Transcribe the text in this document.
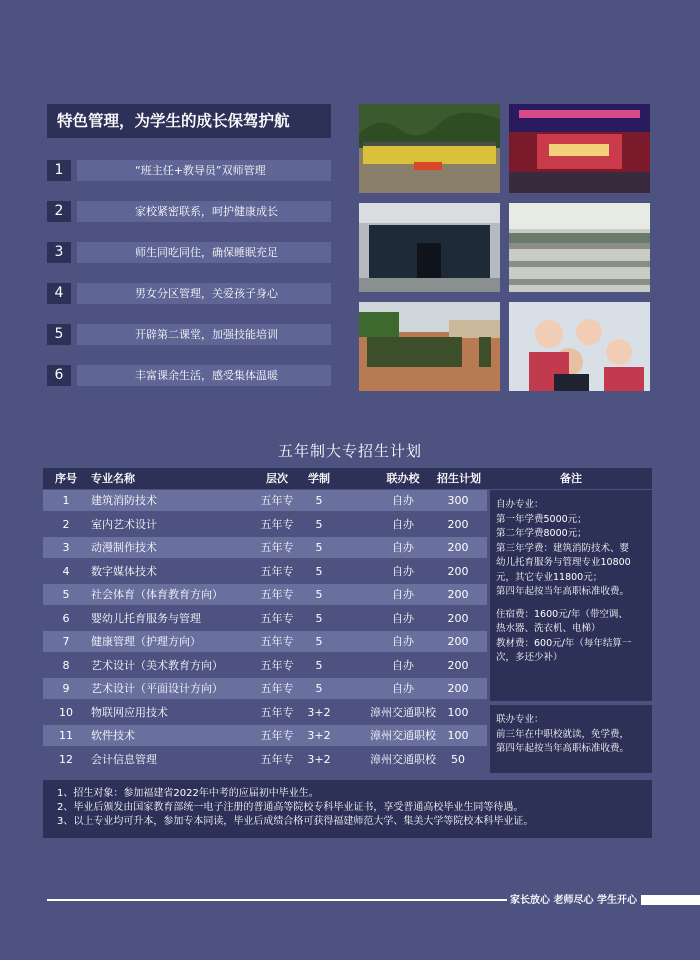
特色管理，为学生的成长保驾护航
1	“班主任+教导员”双师管理
2	家校紧密联系，呵护健康成长
3	师生同吃同住，确保睡眠充足
4	男女分区管理，关爱孩子身心
5	开辟第二课堂，加强技能培训
6	丰富课余生活，感受集体温暖
五年制大专招生计划
序号	专业名称	层次	学制	联办校	招生计划	备注
1	建筑消防技术	五年专	5	自办	300
2	室内艺术设计	五年专	5	自办	200
3	动漫制作技术	五年专	5	自办	200
4	数字媒体技术	五年专	5	自办	200
5	社会体育（体育教育方向）	五年专	5	自办	200
6	婴幼儿托育服务与管理	五年专	5	自办	200
7	健康管理（护理方向）	五年专	5	自办	200
8	艺术设计（美术教育方向）	五年专	5	自办	200
9	艺术设计（平面设计方向）	五年专	5	自办	200
10	物联网应用技术	五年专	3+2	漳州交通职校	100
11	软件技术	五年专	3+2	漳州交通职校	100
12	会计信息管理	五年专	3+2	漳州交通职校	50

自办专业：

第一年学费5000元；

第二年学费8000元；

第三年学费：建筑消防技术、婴

幼儿托育服务与管理专业10800

元，其它专业11800元；

第四年起按当年高职标准收费。

住宿费：1600元/年（带空调、

热水器、洗衣机、电梯）

教材费：600元/年（每年结算一

次，多还少补）

联办专业：

前三年在中职校就读，免学费，

第四年起按当年高职标准收费。

1、招生对象：参加福建省2022年中考的应届初中毕业生。

2、毕业后颁发由国家教育部统一电子注册的普通高等院校专科毕业证书，享受普通高校毕业生同等待遇。

3、以上专业均可升本，参加专本同读，毕业后成绩合格可获得福建师范大学、集美大学等院校本科毕业证。

家长放心 老师尽心 学生开心
